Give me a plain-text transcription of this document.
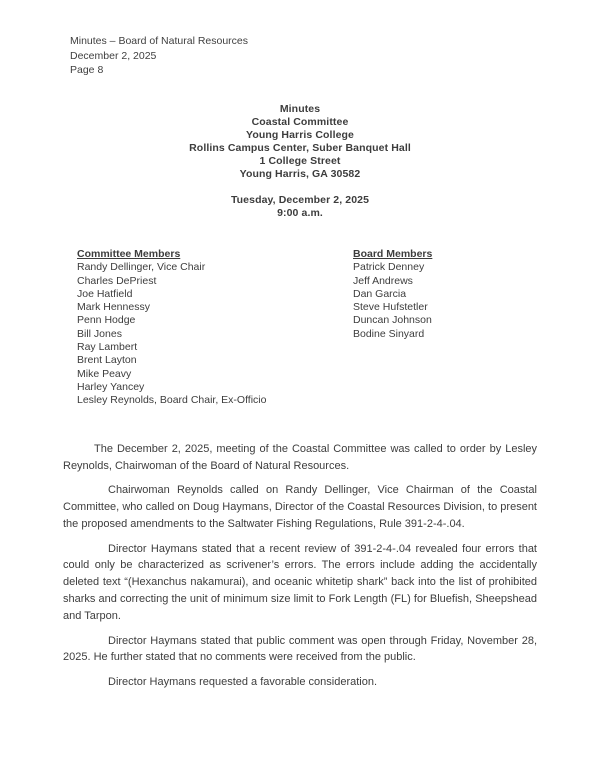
Minutes – Board of Natural Resources
December 2, 2025
Page 8
Minutes
Coastal Committee
Young Harris College
Rollins Campus Center, Suber Banquet Hall
1 College Street
Young Harris, GA 30582
Tuesday, December 2, 2025
9:00 a.m.
Committee Members
Randy Dellinger, Vice Chair
Charles DePriest
Joe Hatfield
Mark Hennessy
Penn Hodge
Bill Jones
Ray Lambert
Brent Layton
Mike Peavy
Harley Yancey
Lesley Reynolds, Board Chair, Ex-Officio
Board Members
Patrick Denney
Jeff Andrews
Dan Garcia
Steve Hufstetler
Duncan Johnson
Bodine Sinyard

The December 2, 2025, meeting of the Coastal Committee was called to order by Lesley Reynolds, Chairwoman of the Board of Natural Resources.

Chairwoman Reynolds called on Randy Dellinger, Vice Chairman of the Coastal Committee, who called on Doug Haymans, Director of the Coastal Resources Division, to present the proposed amendments to the Saltwater Fishing Regulations, Rule 391-2-4-.04.

Director Haymans stated that a recent review of 391-2-4-.04 revealed four errors that could only be characterized as scrivener’s errors. The errors include adding the accidentally deleted text “(Hexanchus nakamurai), and oceanic whitetip shark” back into the list of prohibited sharks and correcting the unit of minimum size limit to Fork Length (FL) for Bluefish, Sheepshead and Tarpon.

Director Haymans stated that public comment was open through Friday, November 28, 2025. He further stated that no comments were received from the public.

Director Haymans requested a favorable consideration.
